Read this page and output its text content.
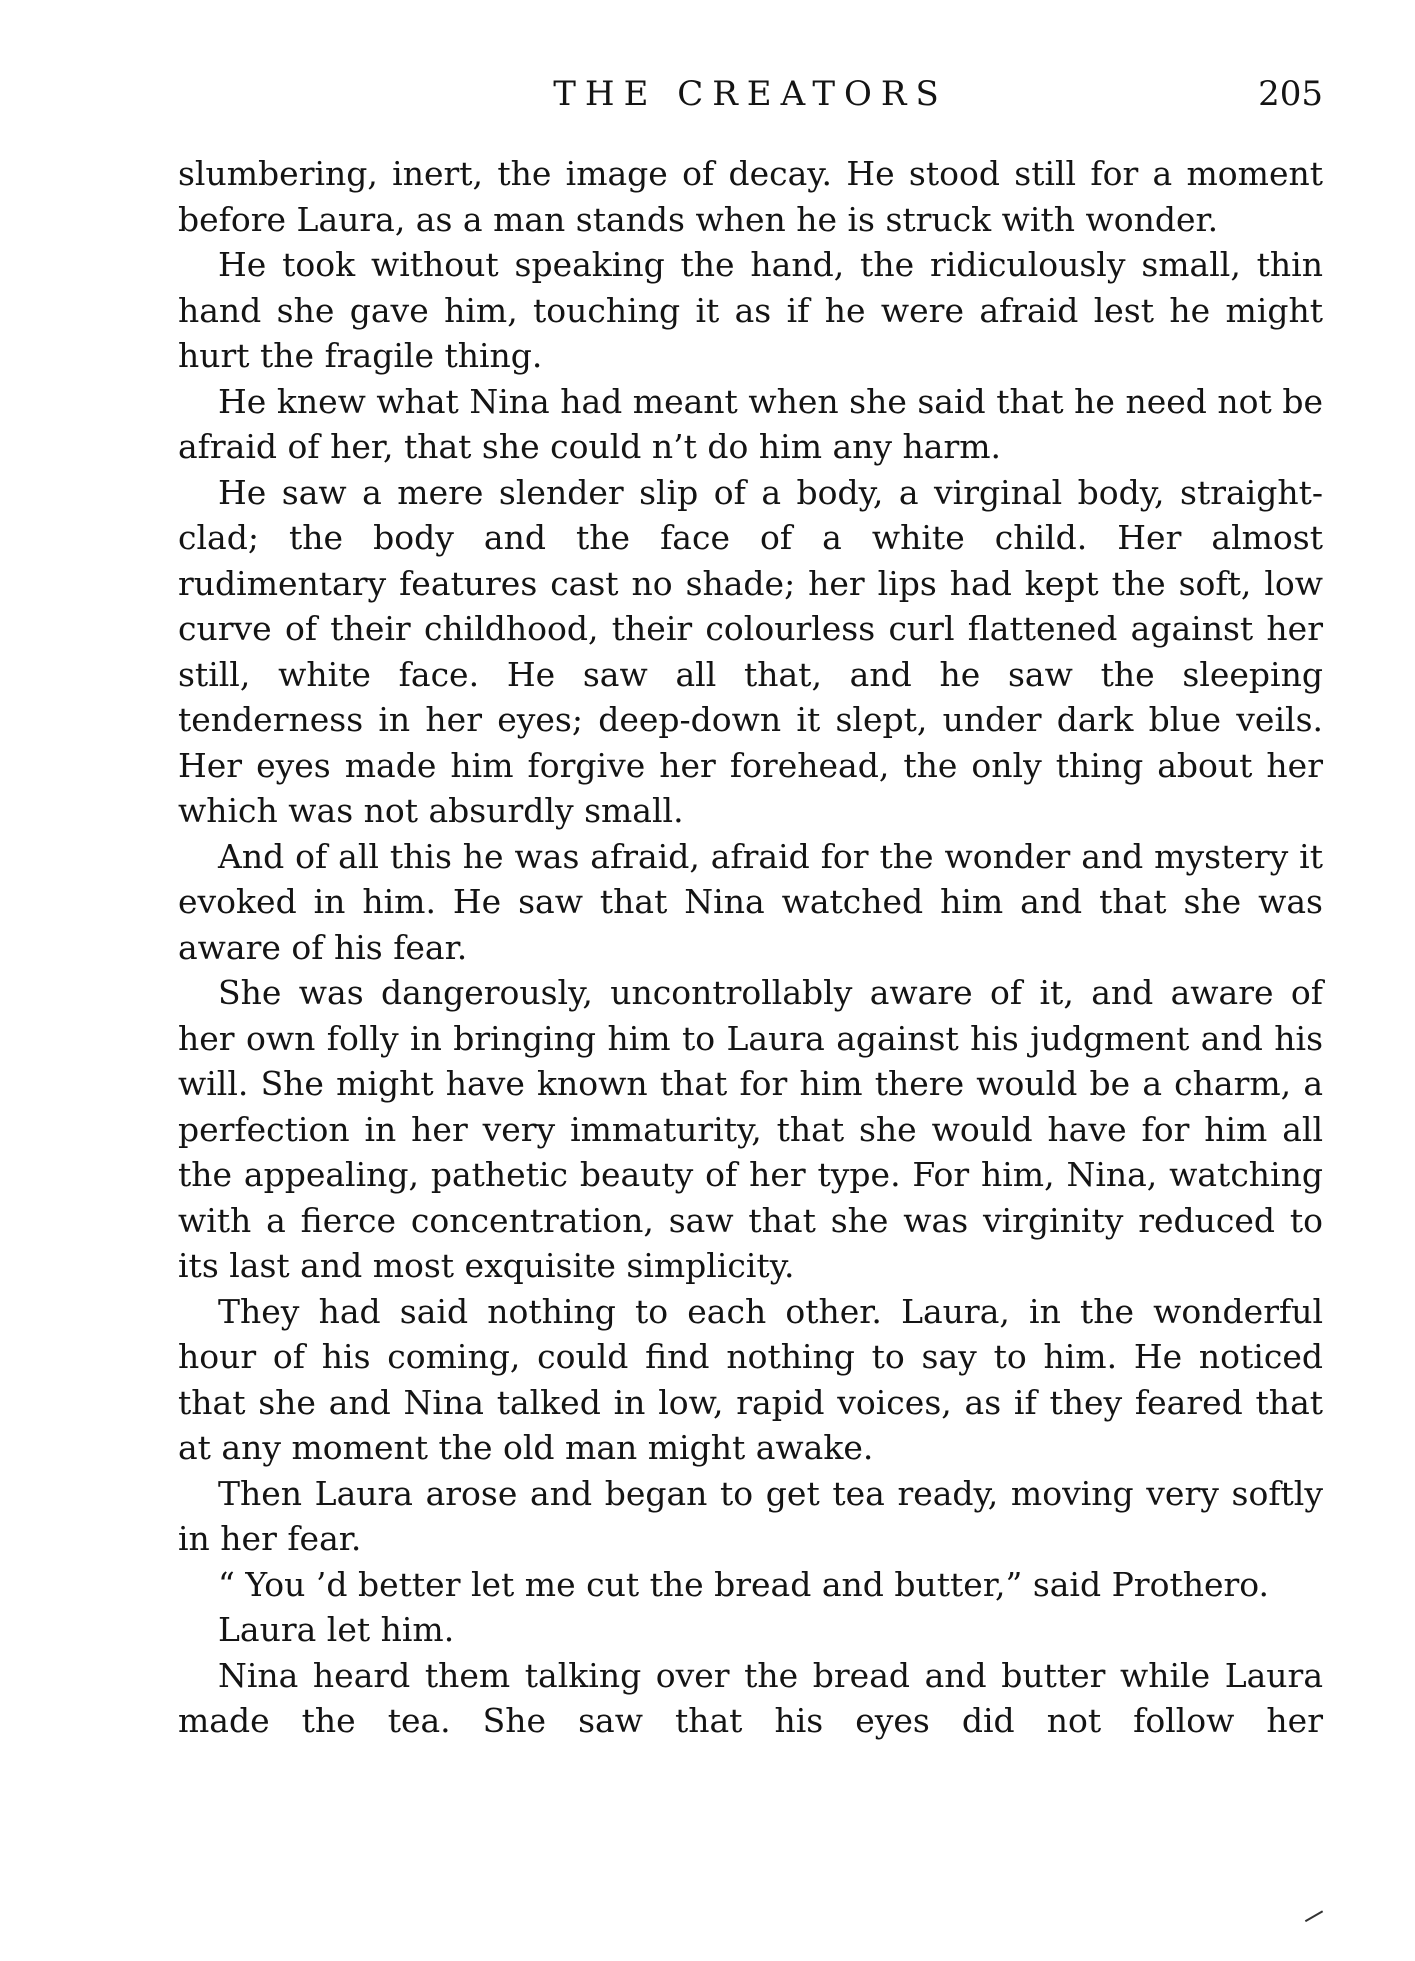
THE CREATORS	205

slumbering, inert, the image of decay. He stood still for a moment before Laura, as a man stands when he is struck with wonder.

He took without speaking the hand, the ridiculously small, thin hand she gave him, touching it as if he were afraid lest he might hurt the fragile thing.

He knew what Nina had meant when she said that he need not be afraid of her, that she could n’t do him any harm.

He saw a mere slender slip of a body, a virginal body, straight-clad; the body and the face of a white child. Her almost rudimentary features cast no shade; her lips had kept the soft, low curve of their childhood, their colourless curl flattened against her still, white face. He saw all that, and he saw the sleeping tenderness in her eyes; deep-down it slept, under dark blue veils. Her eyes made him forgive her forehead, the only thing about her which was not absurdly small.

And of all this he was afraid, afraid for the wonder and mystery it evoked in him. He saw that Nina watched him and that she was aware of his fear.

She was dangerously, uncontrollably aware of it, and aware of her own folly in bringing him to Laura against his judgment and his will. She might have known that for him there would be a charm, a perfection in her very immaturity, that she would have for him all the appealing, pathetic beauty of her type. For him, Nina, watching with a fierce concentration, saw that she was virginity reduced to its last and most exquisite simplicity.

They had said nothing to each other. Laura, in the wonderful hour of his coming, could find nothing to say to him. He noticed that she and Nina talked in low, rapid voices, as if they feared that at any moment the old man might awake.

Then Laura arose and began to get tea ready, moving very softly in her fear.

“ You ’d better let me cut the bread and butter,” said Prothero.

Laura let him.

Nina heard them talking over the bread and butter while Laura made the tea. She saw that his eyes did not follow her
